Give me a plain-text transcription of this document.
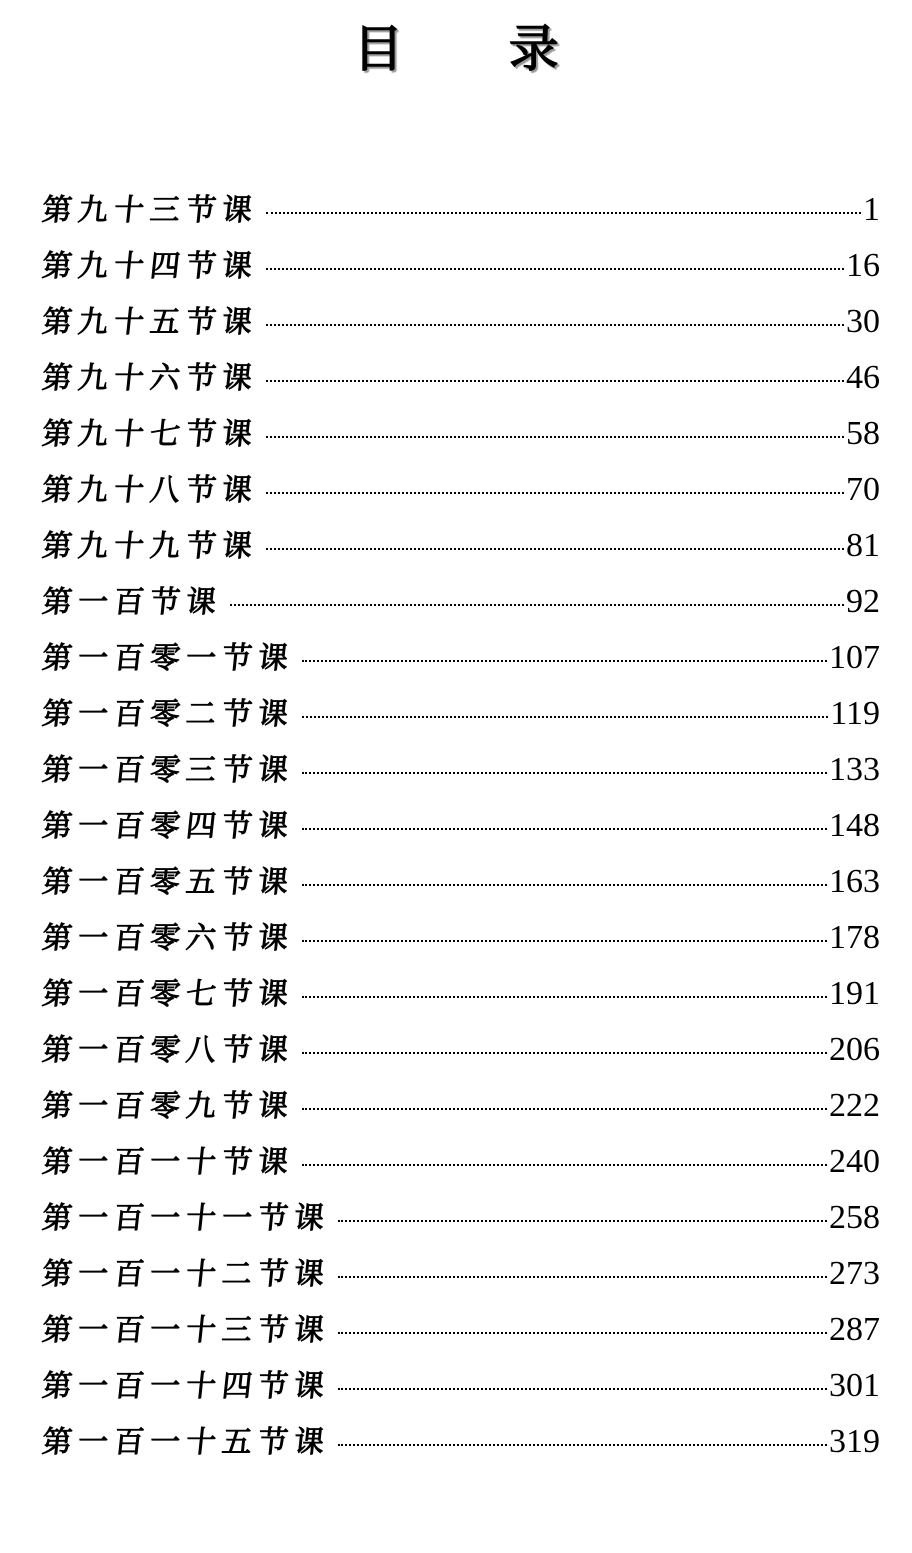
目 录
第九十三节课	1
第九十四节课	16
第九十五节课	30
第九十六节课	46
第九十七节课	58
第九十八节课	70
第九十九节课	81
第一百节课	92
第一百零一节课	107
第一百零二节课	119
第一百零三节课	133
第一百零四节课	148
第一百零五节课	163
第一百零六节课	178
第一百零七节课	191
第一百零八节课	206
第一百零九节课	222
第一百一十节课	240
第一百一十一节课	258
第一百一十二节课	273
第一百一十三节课	287
第一百一十四节课	301
第一百一十五节课	319
